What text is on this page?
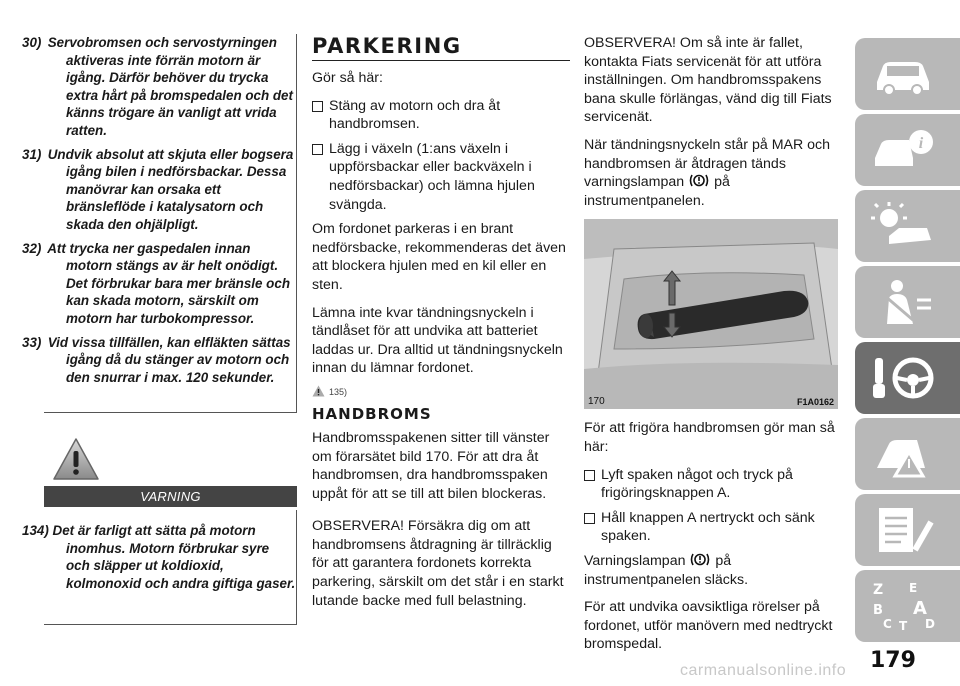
30) Servobromsen och servostyrningen aktiveras inte förrän motorn är igång. Därför behöver du trycka extra hårt på bromspedalen och det känns trögare än vanligt att vrida ratten.
31) Undvik absolut att skjuta eller bogsera igång bilen i nedförsbackar. Dessa manövrar kan orsaka ett bränsleflöde i katalysatorn och skada den ohjälpligt.
32) Att trycka ner gaspedalen innan motorn stängs av är helt onödigt. Det förbrukar bara mer bränsle och kan skada motorn, särskilt om motorn har turbokompressor.
33) Vid vissa tillfällen, kan elfläkten sättas igång då du stänger av motorn och den snurrar i max. 120 sekunder.
VARNING
134) Det är farligt att sätta på motorn inomhus. Motorn förbrukar syre och släpper ut koldioxid, kolmonoxid och andra giftiga gaser.
PARKERING

Gör så här:

Stäng av motorn och dra åt handbromsen.
Lägg i växeln (1:ans växeln i uppförsbackar eller backväxeln i nedförsbackar) och lämna hjulen svängda.

Om fordonet parkeras i en brant nedförsbacke, rekommenderas det även att blockera hjulen med en kil eller en sten.

Lämna inte kvar tändningsnyckeln i tändlåset för att undvika att batteriet laddas ur. Dra alltid ut tändningsnyckeln innan du lämnar fordonet.

135)
HANDBROMS

Handbromsspakenen sitter till vänster om förarsätet bild 170. För att dra åt handbromsen, dra handbromsspaken uppåt för att se till att bilen blockeras.

OBSERVERA! Försäkra dig om att handbromsens åtdragning är tillräcklig för att garantera fordonets korrekta parkering, särskilt om det står i en starkt lutande backe med full belastning.

OBSERVERA! Om så inte är fallet, kontakta Fiats servicenät för att utföra inställningen. Om handbromsspakens bana skulle förlängas, vänd dig till Fiats servicenät.

När tändningsnyckeln står på MAR och handbromsen är åtdragen tänds varningslampan på instrumentpanelen.

170	F1A0162

För att frigöra handbromsen gör man så här:

Lyft spaken något och tryck på frigöringsknappen A.
Håll knappen A nertryckt och sänk spaken.

Varningslampan på instrumentpanelen släcks.

För att undvika oavsiktliga rörelser på fordonet, utför manövern med nedtryckt bromspedal.

i
Z E
B A
C T D
179
carmanualsonline.info
